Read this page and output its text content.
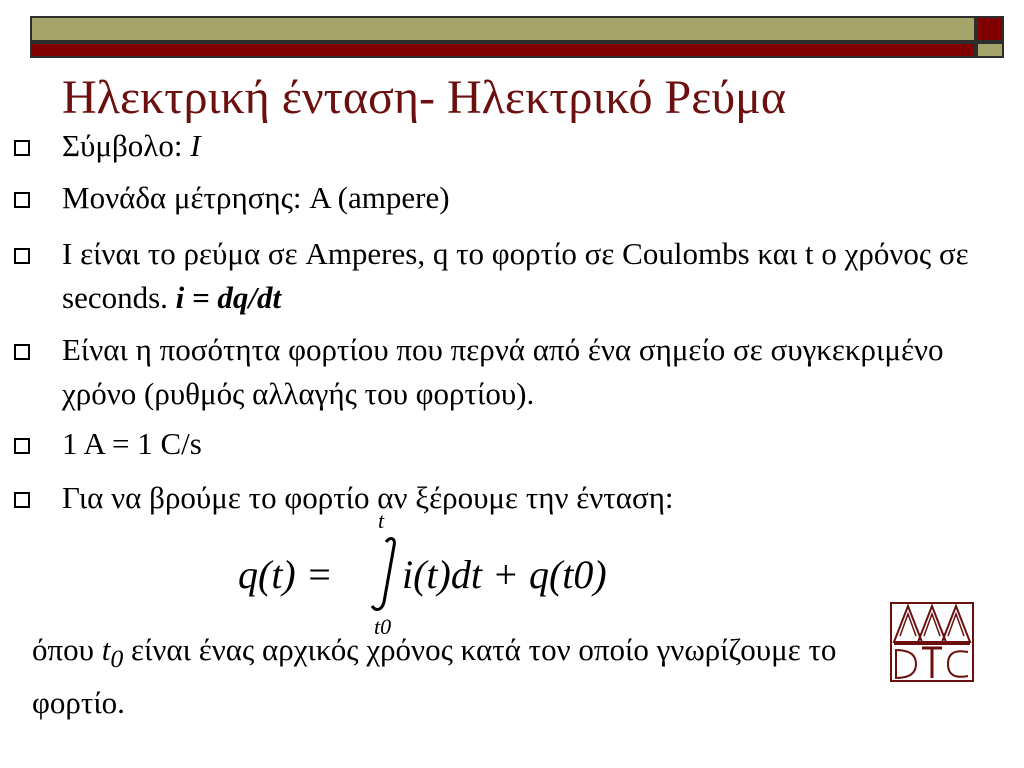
Ηλεκτρική ένταση- Ηλεκτρικό Ρεύμα
Σύμβολο: I
Μονάδα μέτρησης: A (ampere)
I είναι το ρεύμα σε Amperes, q το φορτίο σε Coulombs και t ο χρόνος σε seconds. i = dq/dt
Είναι η ποσότητα φορτίου που περνά από ένα σημείο σε συγκεκριμένο χρόνο (ρυθμός αλλαγής του φορτίου).
1 A = 1 C/s
Για να βρούμε το φορτίο αν ξέρουμε την ένταση:
q(t) =
t
t0
i(t)dt + q(t0)
όπου $t_0$ είναι ένας αρχικός χρόνος κατά τον οποίο γνωρίζουμε το φορτίο.
